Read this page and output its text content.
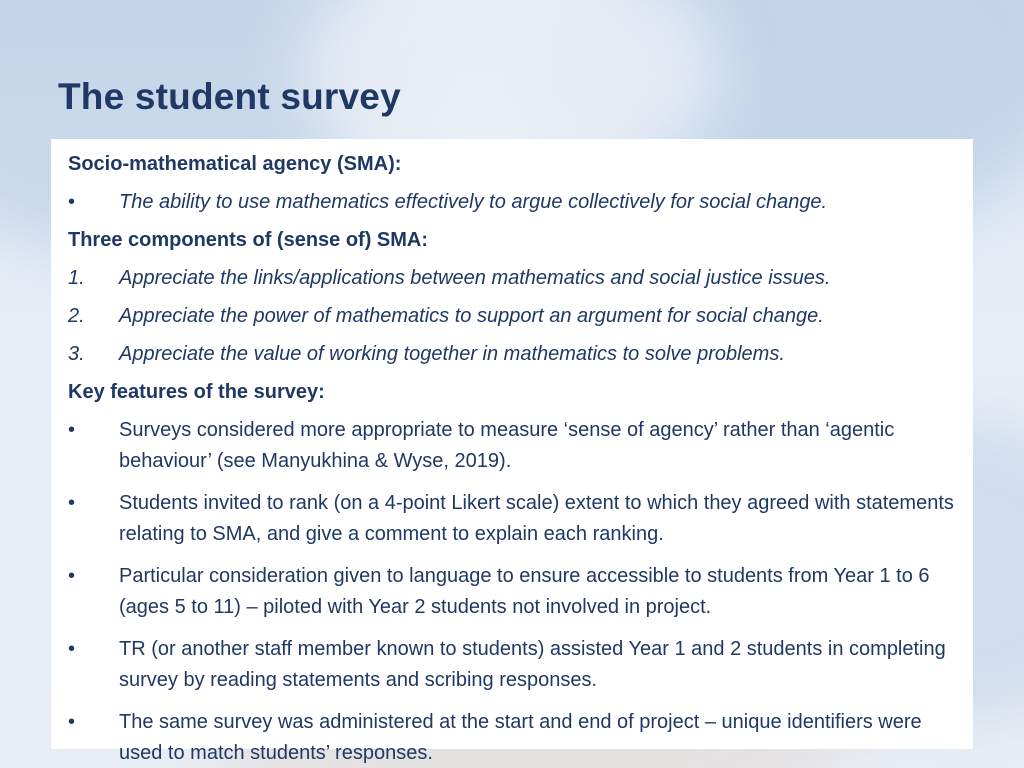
The student survey

Socio-mathematical agency (SMA):

•	The ability to use mathematics effectively to argue collectively for social change.

Three components of (sense of) SMA:

1.	Appreciate the links/applications between mathematics and social justice issues.
2.	Appreciate the power of mathematics to support an argument for social change.
3.	Appreciate the value of working together in mathematics to solve problems.

Key features of the survey:

•	Surveys considered more appropriate to measure ‘sense of agency’ rather than ‘agentic behaviour’ (see Manyukhina & Wyse, 2019).
•	Students invited to rank (on a 4-point Likert scale) extent to which they agreed with statements relating to SMA, and give a comment to explain each ranking.
•	Particular consideration given to language to ensure accessible to students from Year 1 to 6 (ages 5 to 11) – piloted with Year 2 students not involved in project.
•	TR (or another staff member known to students) assisted Year 1 and 2 students in completing survey by reading statements and scribing responses.
•	The same survey was administered at the start and end of project – unique identifiers were used to match students’ responses.
